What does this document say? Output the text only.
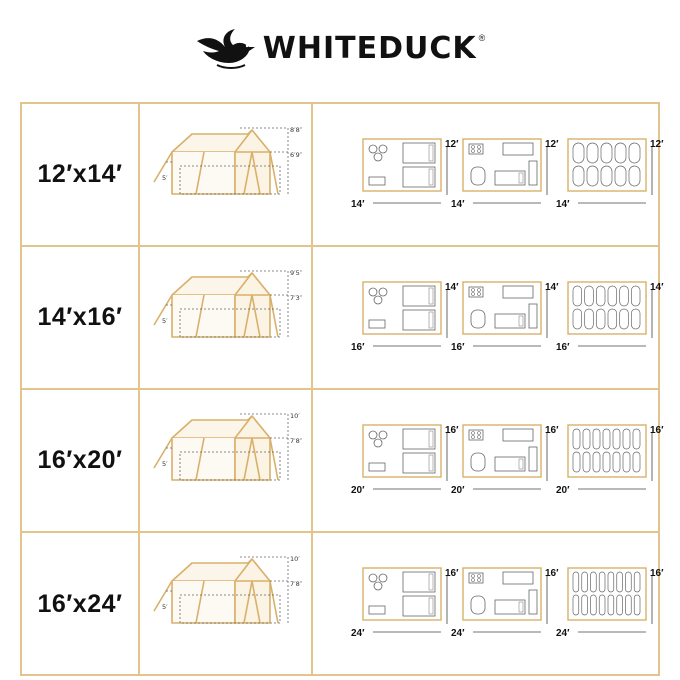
WHITEDUCK ®
12′x14′
8′8″
6′9″
5′
12′
14′
12′
14′
12′
14′
14′x16′
9′5″
7′3″
5′
14′
16′
14′
16′
14′
16′
16′x20′
10′
7′8″
5′
16′
20′
16′
20′
16′
20′
16′x24′
10′
7′8″
5′
16′
24′
16′
24′
16′
24′
